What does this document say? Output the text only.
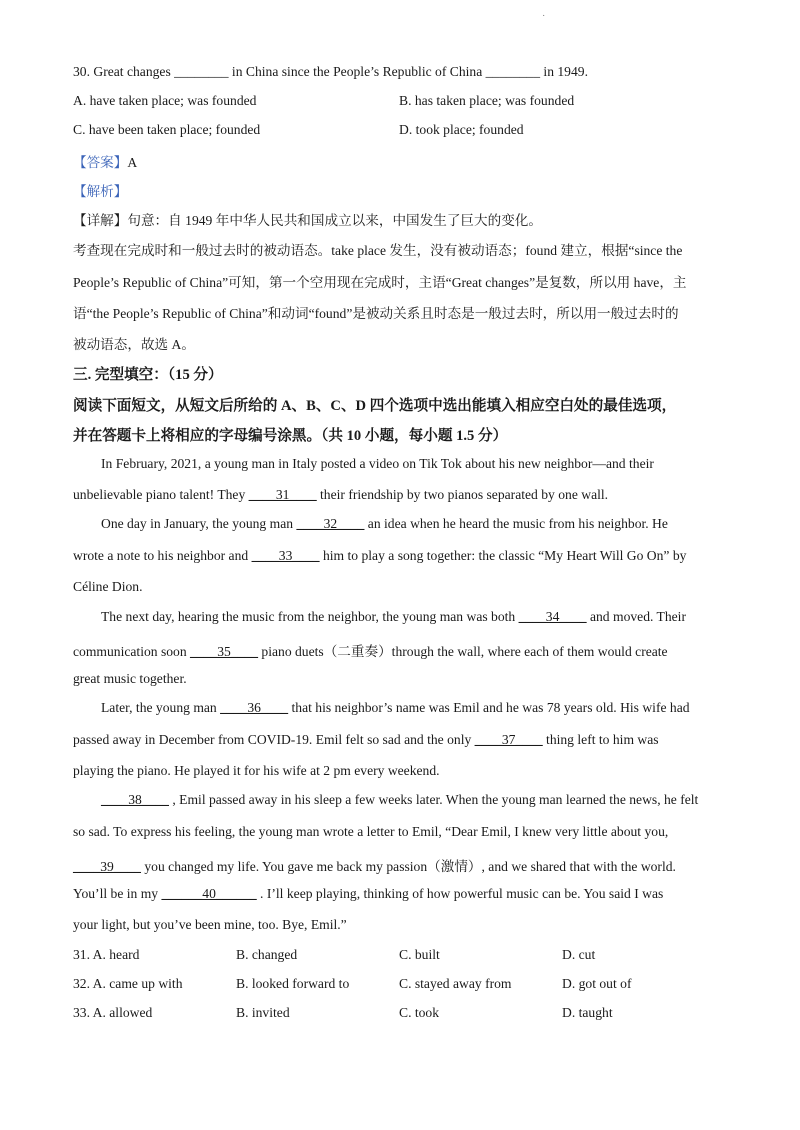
˙
30. Great changes ________ in China since the People’s Republic of China ________ in 1949.
A. have taken place; was founded	B. has taken place; was founded
C. have been taken place; founded	D. took place; founded
【答案】A
【解析】
【详解】句意：自 1949 年中华人民共和国成立以来，中国发生了巨大的变化。
考查现在完成时和一般过去时的被动语态。take place 发生，没有被动语态；found 建立，根据“since the
People’s Republic of China”可知，第一个空用现在完成时，主语“Great changes”是复数，所以用 have，主
语“the People’s Republic of China”和动词“found”是被动关系且时态是一般过去时，所以用一般过去时的
被动语态，故选 A。
三. 完型填空：（15 分）
阅读下面短文，从短文后所给的 A、B、C、D 四个选项中选出能填入相应空白处的最佳选项，
并在答题卡上将相应的字母编号涂黑。（共 10 小题，每小题 1.5 分）
In February, 2021, a young man in Italy posted a video on Tik Tok about his new neighbor—and their
unbelievable piano talent! They ____31____ their friendship by two pianos separated by one wall.
One day in January, the young man ____32____ an idea when he heard the music from his neighbor. He
wrote a note to his neighbor and ____33____ him to play a song together: the classic “My Heart Will Go On” by
Céline Dion.
The next day, hearing the music from the neighbor, the young man was both ____34____ and moved. Their
communication soon ____35____ piano duets（二重奏）through the wall, where each of them would create
great music together.
Later, the young man ____36____ that his neighbor’s name was Emil and he was 78 years old. His wife had
passed away in December from COVID-19. Emil felt so sad and the only ____37____ thing left to him was
playing the piano. He played it for his wife at 2 pm every weekend.
____38____ , Emil passed away in his sleep a few weeks later. When the young man learned the news, he felt
so sad. To express his feeling, the young man wrote a letter to Emil, “Dear Emil, I knew very little about you,
____39____ you changed my life. You gave me back my passion（激情）, and we shared that with the world.
You’ll be in my ______40______ . I’ll keep playing, thinking of how powerful music can be. You said I was
your light, but you’ve been mine, too. Bye, Emil.”
31. A. heard	B. changed	C. built	D. cut
32. A. came up with	B. looked forward to	C. stayed away from	D. got out of
33. A. allowed	B. invited	C. took	D. taught
